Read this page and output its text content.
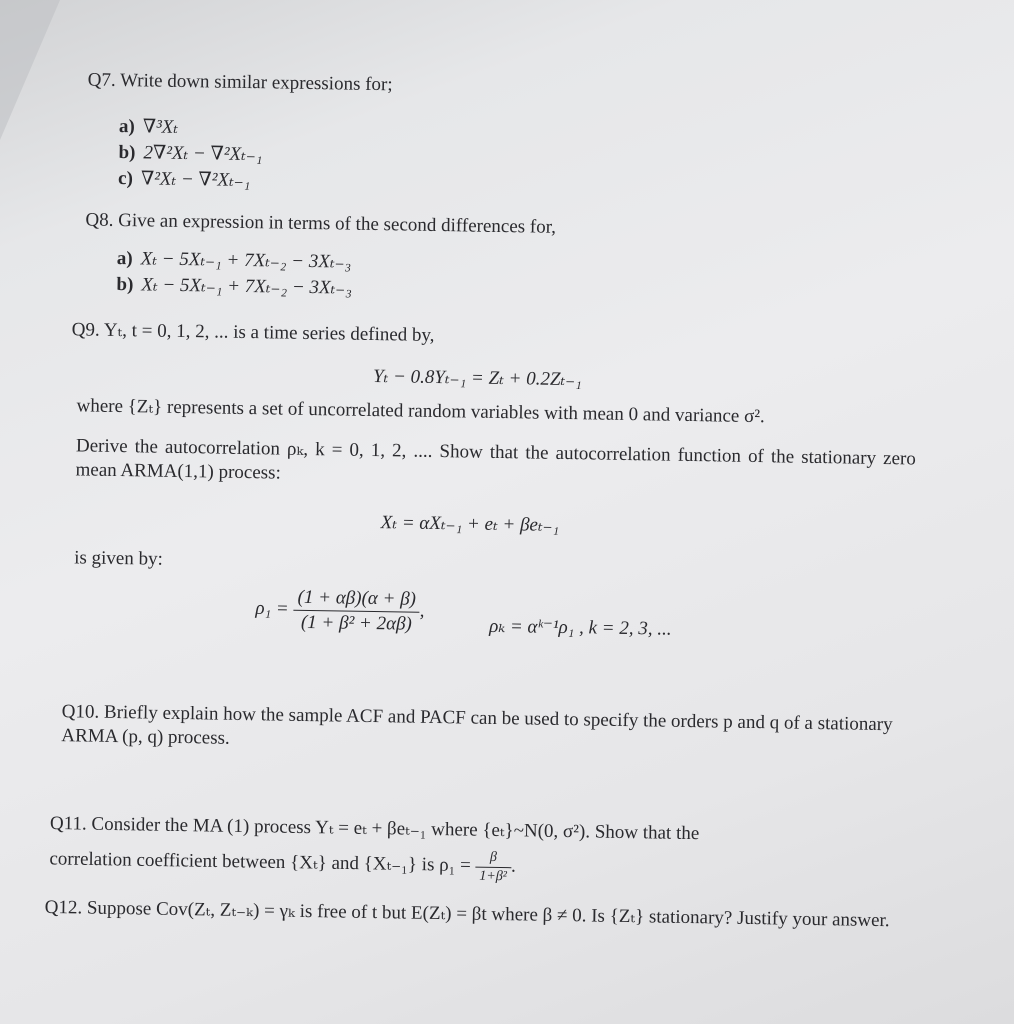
Q7. Write down similar expressions for;
a) ∇³Xₜ
b) 2∇²Xₜ − ∇²Xₜ₋₁
c) ∇²Xₜ − ∇²Xₜ₋₁
Q8. Give an expression in terms of the second differences for,
a) Xₜ − 5Xₜ₋₁ + 7Xₜ₋₂ − 3Xₜ₋₃
b) Xₜ − 5Xₜ₋₁ + 7Xₜ₋₂ − 3Xₜ₋₃
Q9. Yₜ, t = 0, 1, 2, ... is a time series defined by,
Yₜ − 0.8Yₜ₋₁ = Zₜ + 0.2Zₜ₋₁
where {Zₜ} represents a set of uncorrelated random variables with mean 0 and variance σ².
Derive the autocorrelation ρₖ, k = 0, 1, 2, .... Show that the autocorrelation function of the stationary zero mean ARMA(1,1) process:
Xₜ = αXₜ₋₁ + eₜ + βeₜ₋₁
is given by:
$\rho_1 = \frac{(1 + \alpha\beta)(\alpha + \beta)}{\text{(1 + β² + 2αβ)}}$ ,
ρₖ = αᵏ⁻¹ρ₁ , k = 2, 3, ...
Q10. Briefly explain how the sample ACF and PACF can be used to specify the orders p and q of a stationary ARMA (p, q) process.
Q11. Consider the MA (1) process Yₜ = eₜ + βeₜ₋₁ where {eₜ}~N(0, σ²). Show that the
correlation coefficient between {Xₜ} and {Xₜ₋₁} is $\rho_1 = \frac{\beta}{\text{1+β²}}$ .
Q12. Suppose Cov(Zₜ, Zₜ₋ₖ) = γₖ is free of t but E(Zₜ) = βt where β ≠ 0. Is {Zₜ} stationary? Justify your answer.
